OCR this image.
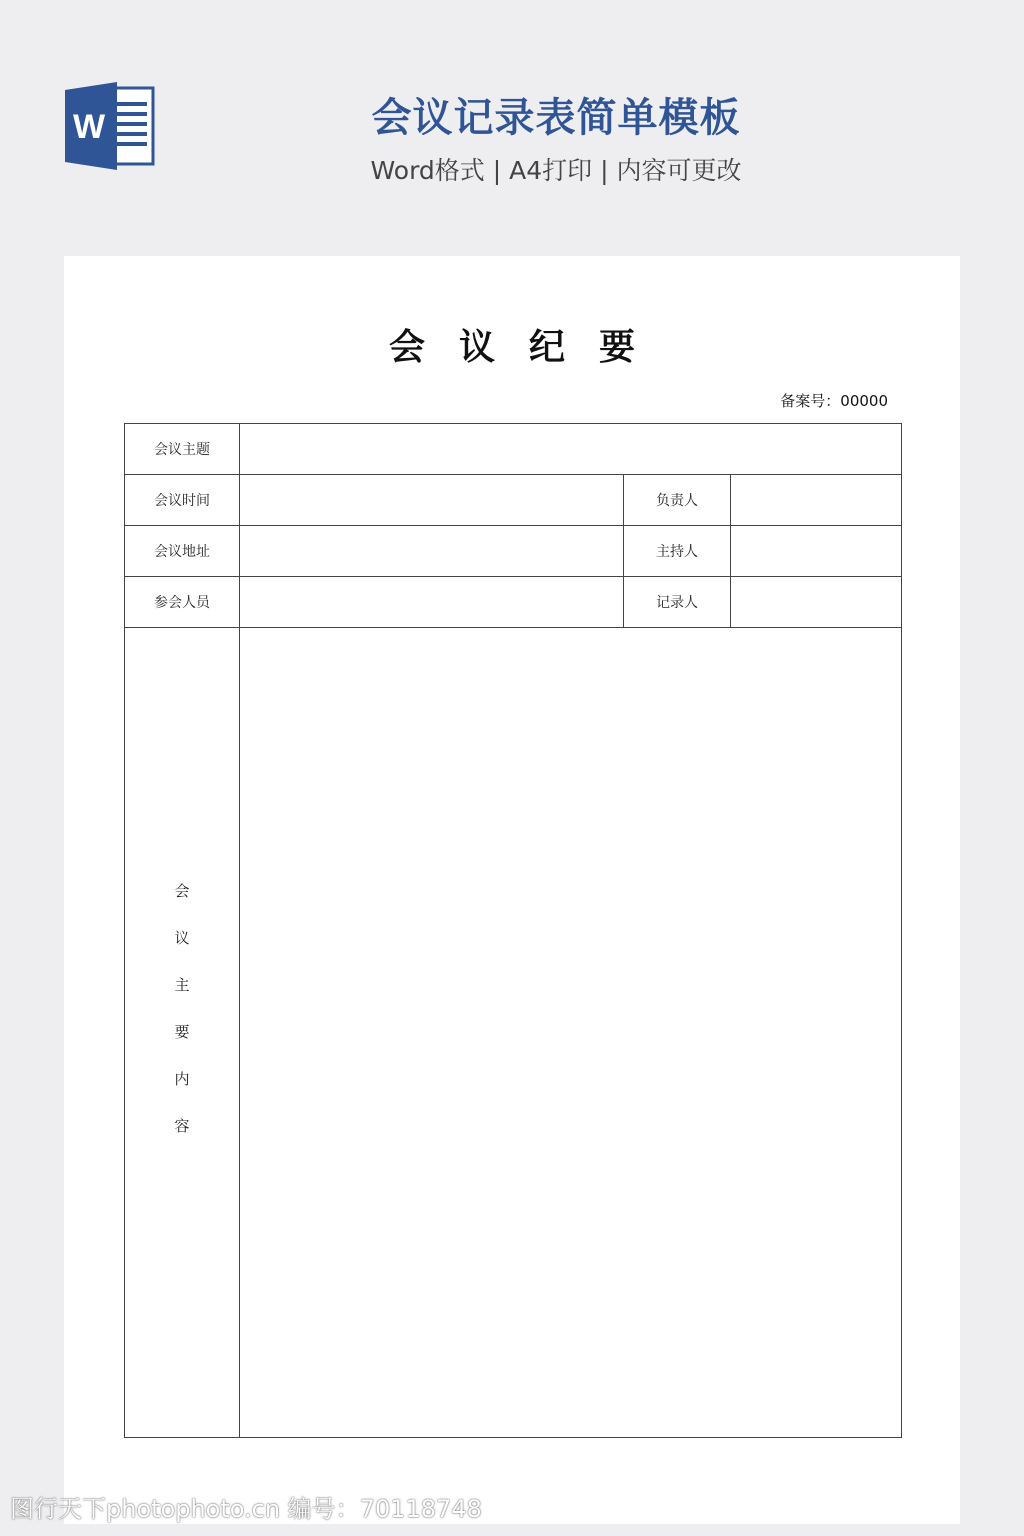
W	会议记录表简单模板
Word格式 | A4打印 | 内容可更改
会议纪要
备案号：00000
会议主题			
会议时间		负责人	
会议地址		主持人	
参会人员		记录人	
会议主要内容			
图行天下photophoto.cn 编号：70118748
